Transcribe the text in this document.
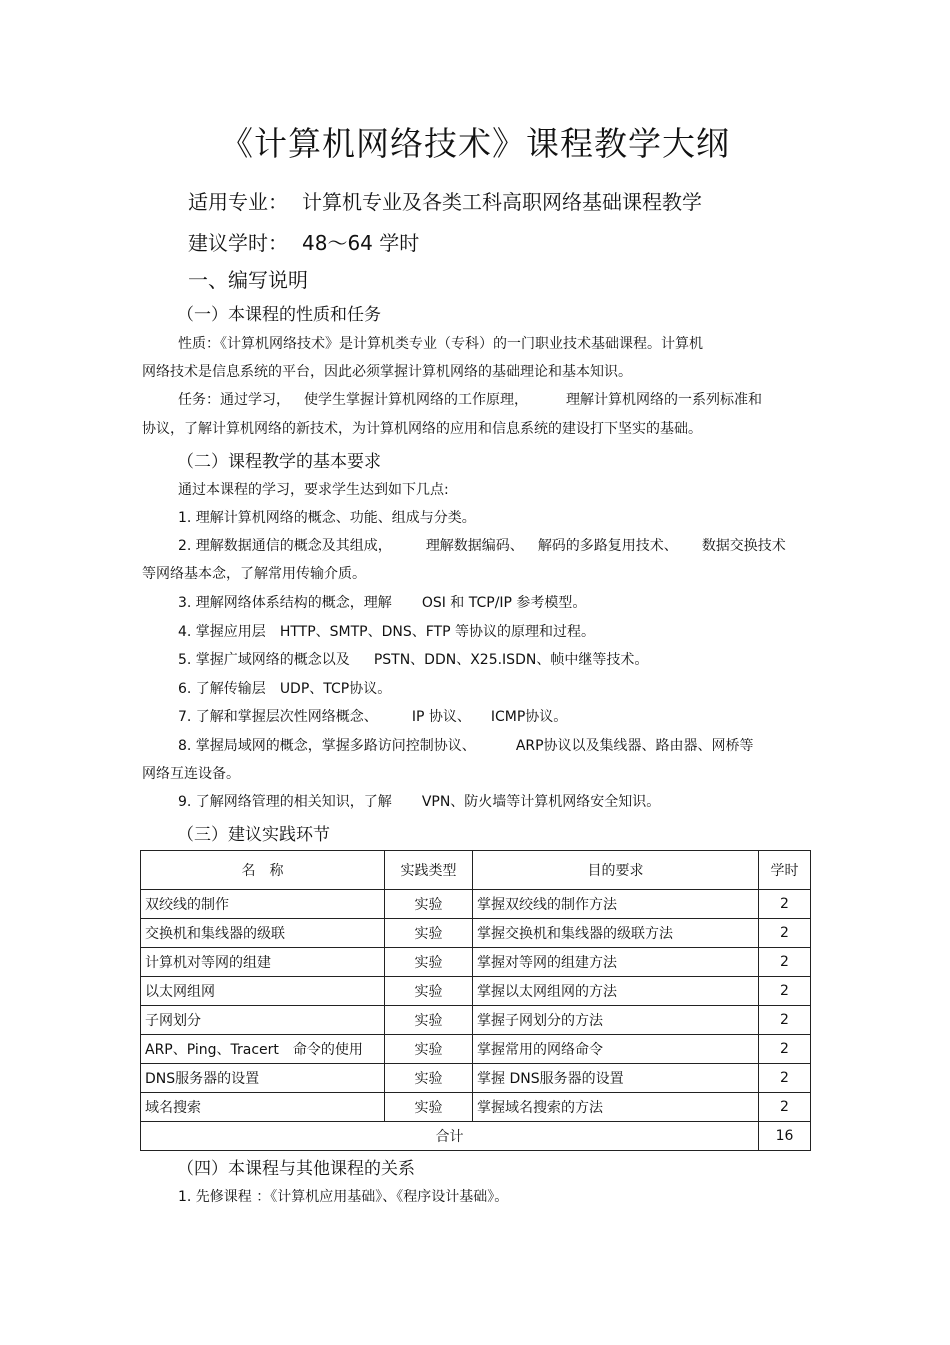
《计算机网络技术》课程教学大纲
适用专业： 计算机专业及各类工科高职网络基础课程教学
建议学时： 48～64 学时
一、编写说明
（一）本课程的性质和任务
性质：《计算机网络技术》是计算机类专业（专科）的一门职业技术基础课程。计算机
网络技术是信息系统的平台，因此必须掌握计算机网络的基础理论和基本知识。
任务：通过学习， 使学生掌握计算机网络的工作原理，	理解计算机网络的一系列标准和
协议，了解计算机网络的新技术，为计算机网络的应用和信息系统的建设打下坚实的基础。
（二）课程教学的基本要求
通过本课程的学习，要求学生达到如下几点:
1. 理解计算机网络的概念、功能、组成与分类。
2. 理解数据通信的概念及其组成， 理解数据编码、 解码的多路复用技术、 数据交换技术
等网络基本念，了解常用传输介质。
3. 理解网络体系结构的概念，理解 OSI 和 TCP/IP 参考模型。
4. 掌握应用层 HTTP、SMTP、DNS、FTP 等协议的原理和过程。
5. 掌握广域网络的概念以及 PSTN、DDN、X25.ISDN、帧中继等技术。
6. 了解传输层 UDP、TCP协议。
7. 了解和掌握层次性网络概念、 IP 协议、 ICMP协议。
8. 掌握局域网的概念，掌握多路访问控制协议、	ARP协议以及集线器、路由器、网桥等
网络互连设备。
9. 了解网络管理的相关知识，了解 VPN、防火墙等计算机网络安全知识。
（三）建议实践环节
名　称	实践类型	目的要求	学时
双绞线的制作	实验	掌握双绞线的制作方法	2
交换机和集线器的级联	实验	掌握交换机和集线器的级联方法	2
计算机对等网的组建	实验	掌握对等网的组建方法	2
以太网组网	实验	掌握以太网组网的方法	2
子网划分	实验	掌握子网划分的方法	2
ARP、Ping、Tracert　命令的使用	实验	掌握常用的网络命令	2
DNS服务器的设置	实验	掌握 DNS服务器的设置	2
域名搜索	实验	掌握域名搜索的方法	2
合计			16
（四）本课程与其他课程的关系
1. 先修课程 ：《计算机应用基础》、《程序设计基础》。
